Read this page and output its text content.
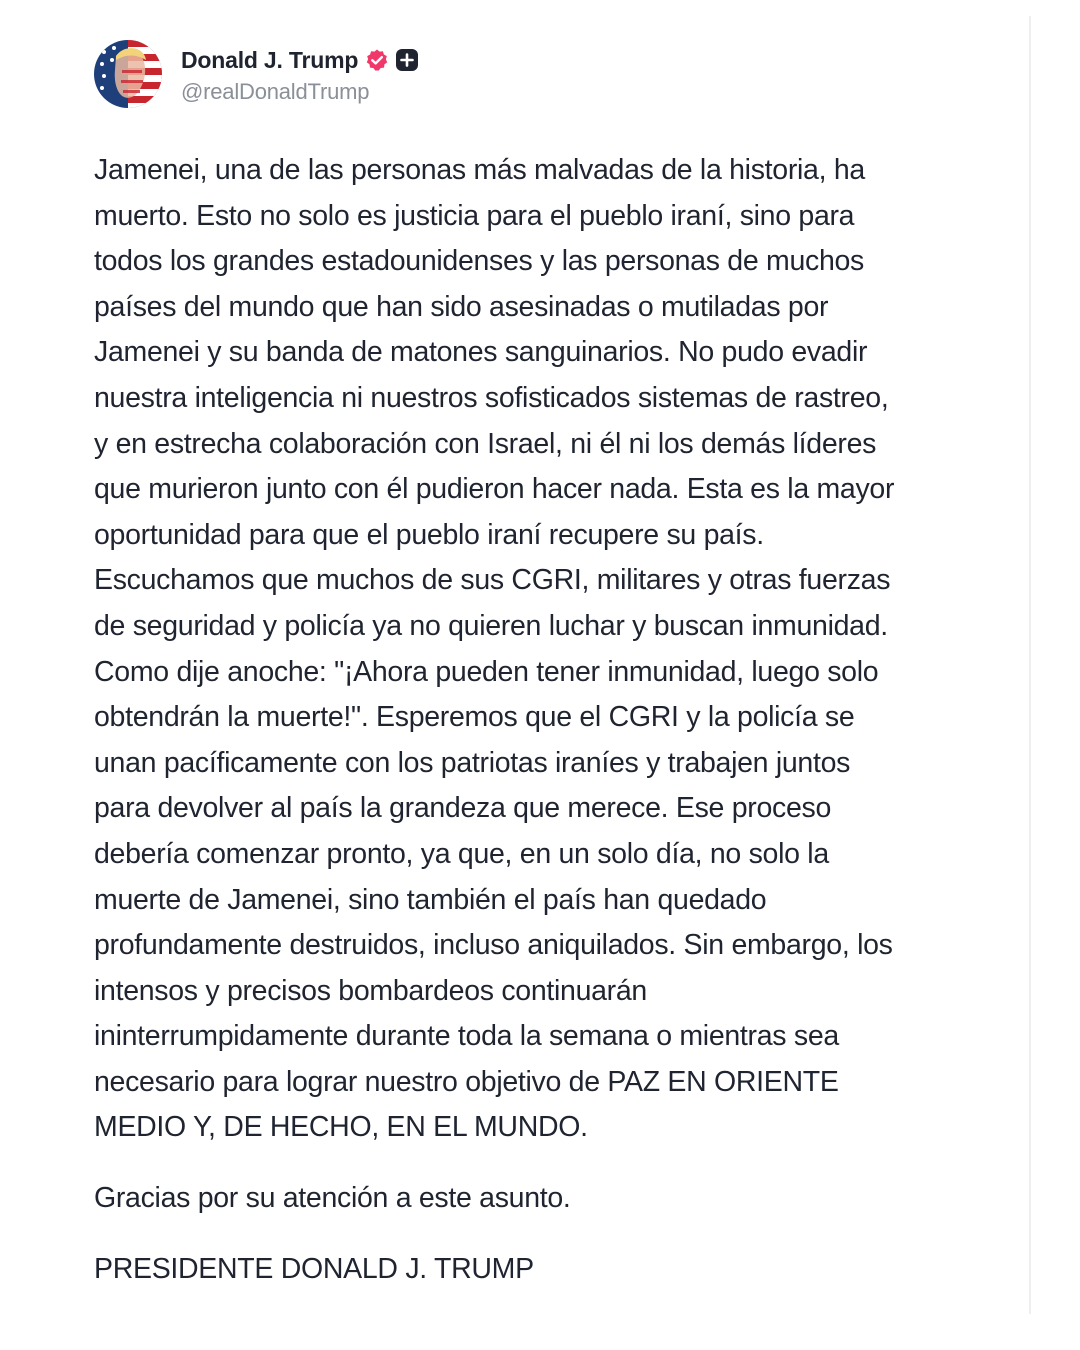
Donald J. Trump
@realDonaldTrump

Jamenei, una de las personas más malvadas de la historia, ha
muerto. Esto no solo es justicia para el pueblo iraní, sino para
todos los grandes estadounidenses y las personas de muchos
países del mundo que han sido asesinadas o mutiladas por
Jamenei y su banda de matones sanguinarios. No pudo evadir
nuestra inteligencia ni nuestros sofisticados sistemas de rastreo,
y en estrecha colaboración con Israel, ni él ni los demás líderes
que murieron junto con él pudieron hacer nada. Esta es la mayor
oportunidad para que el pueblo iraní recupere su país.
Escuchamos que muchos de sus CGRI, militares y otras fuerzas
de seguridad y policía ya no quieren luchar y buscan inmunidad.
Como dije anoche: "¡Ahora pueden tener inmunidad, luego solo
obtendrán la muerte!". Esperemos que el CGRI y la policía se
unan pacíficamente con los patriotas iraníes y trabajen juntos
para devolver al país la grandeza que merece. Ese proceso
debería comenzar pronto, ya que, en un solo día, no solo la
muerte de Jamenei, sino también el país han quedado
profundamente destruidos, incluso aniquilados. Sin embargo, los
intensos y precisos bombardeos continuarán
ininterrumpidamente durante toda la semana o mientras sea
necesario para lograr nuestro objetivo de PAZ EN ORIENTE
MEDIO Y, DE HECHO, EN EL MUNDO.

Gracias por su atención a este asunto.

PRESIDENTE DONALD J. TRUMP
